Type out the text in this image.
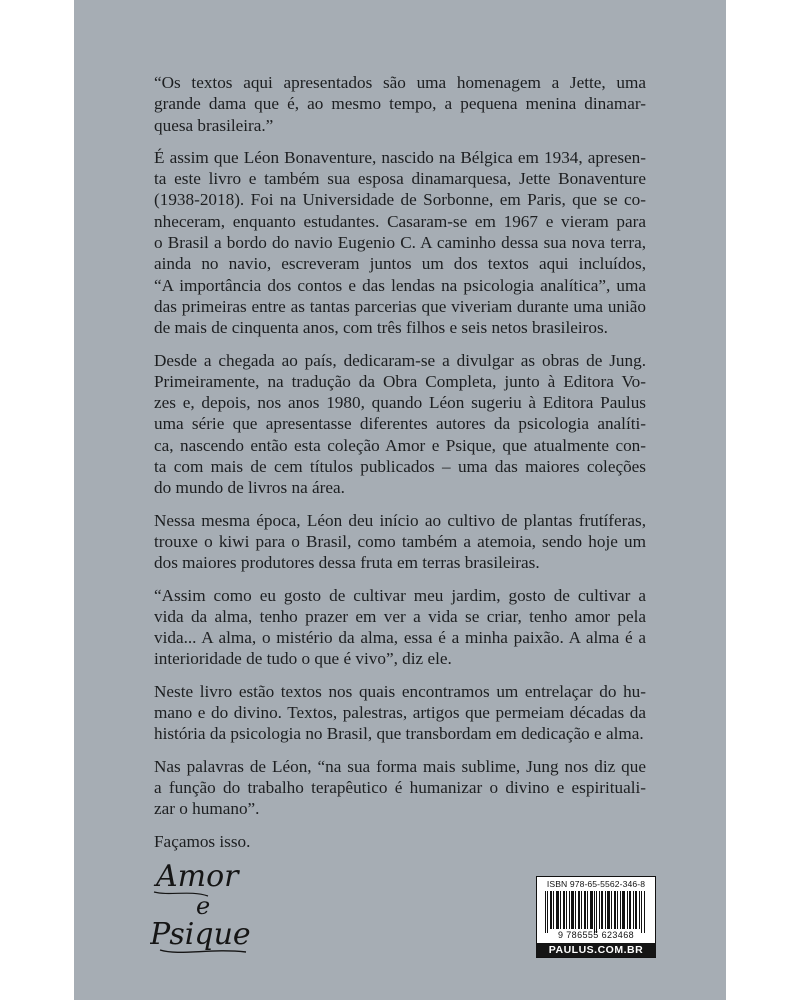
“Os textos aqui apresentados são uma homenagem a Jette, uma
grande dama que é, ao mesmo tempo, a pequena menina dinamar-
quesa brasileira.”

É assim que Léon Bonaventure, nascido na Bélgica em 1934, apresen-
ta este livro e também sua esposa dinamarquesa, Jette Bonaventure
(1938-2018). Foi na Universidade de Sorbonne, em Paris, que se co-
nheceram, enquanto estudantes. Casaram-se em 1967 e vieram para
o Brasil a bordo do navio Eugenio C. A caminho dessa sua nova terra,
ainda no navio, escreveram juntos um dos textos aqui incluídos,
“A importância dos contos e das lendas na psicologia analítica”, uma
das primeiras entre as tantas parcerias que viveriam durante uma união
de mais de cinquenta anos, com três filhos e seis netos brasileiros.

Desde a chegada ao país, dedicaram-se a divulgar as obras de Jung.
Primeiramente, na tradução da Obra Completa, junto à Editora Vo-
zes e, depois, nos anos 1980, quando Léon sugeriu à Editora Paulus
uma série que apresentasse diferentes autores da psicologia analíti-
ca, nascendo então esta coleção Amor e Psique, que atualmente con-
ta com mais de cem títulos publicados – uma das maiores coleções
do mundo de livros na área.

Nessa mesma época, Léon deu início ao cultivo de plantas frutíferas,
trouxe o kiwi para o Brasil, como também a atemoia, sendo hoje um
dos maiores produtores dessa fruta em terras brasileiras.

“Assim como eu gosto de cultivar meu jardim, gosto de cultivar a
vida da alma, tenho prazer em ver a vida se criar, tenho amor pela
vida... A alma, o mistério da alma, essa é a minha paixão. A alma é a
interioridade de tudo o que é vivo”, diz ele.

Neste livro estão textos nos quais encontramos um entrelaçar do hu-
mano e do divino. Textos, palestras, artigos que permeiam décadas da
história da psicologia no Brasil, que transbordam em dedicação e alma.

Nas palavras de Léon, “na sua forma mais sublime, Jung nos diz que
a função do trabalho terapêutico é humanizar o divino e espirituali-
zar o humano”.

Façamos isso.

Amor
e
Psique
ISBN 978-65-5562-346-8
9 786555 623468
PAULUS.COM.BR
